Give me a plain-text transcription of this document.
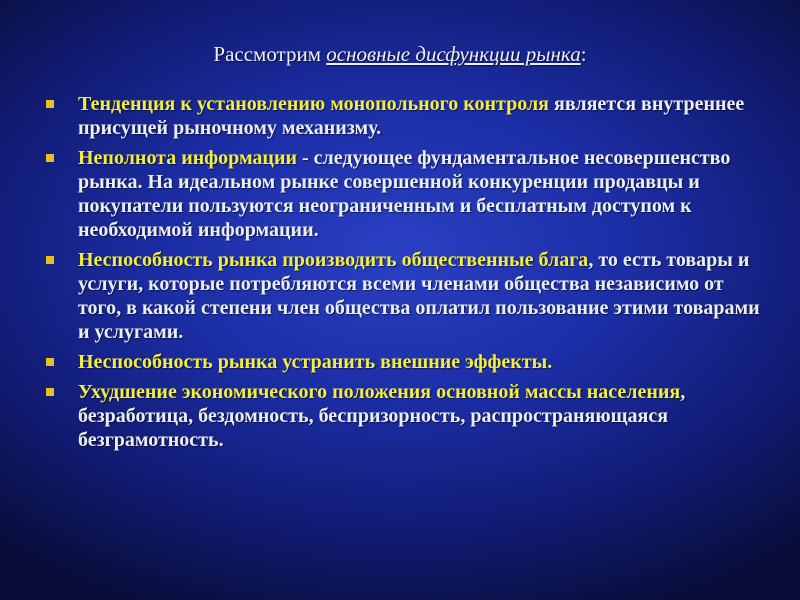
Рассмотрим основные дисфункции рынка:
Тенденция к установлению монопольного контроля является внутреннее присущей рыночному механизму.
Неполнота информации - следующее фундаментальное несовершенство рынка. На идеальном рынке совершенной конкуренции продавцы и покупатели пользуются неограниченным и бесплатным доступом к необходимой информации.
Неспособность рынка производить общественные блага, то есть товары и услуги, которые потребляются всеми членами общества независимо от того, в какой степени член общества оплатил пользование этими товарами и услугами.
Неспособность рынка устранить внешние эффекты.
Ухудшение экономического положения основной массы населения, безработица, бездомность, беспризорность, распространяющаяся безграмотность.
